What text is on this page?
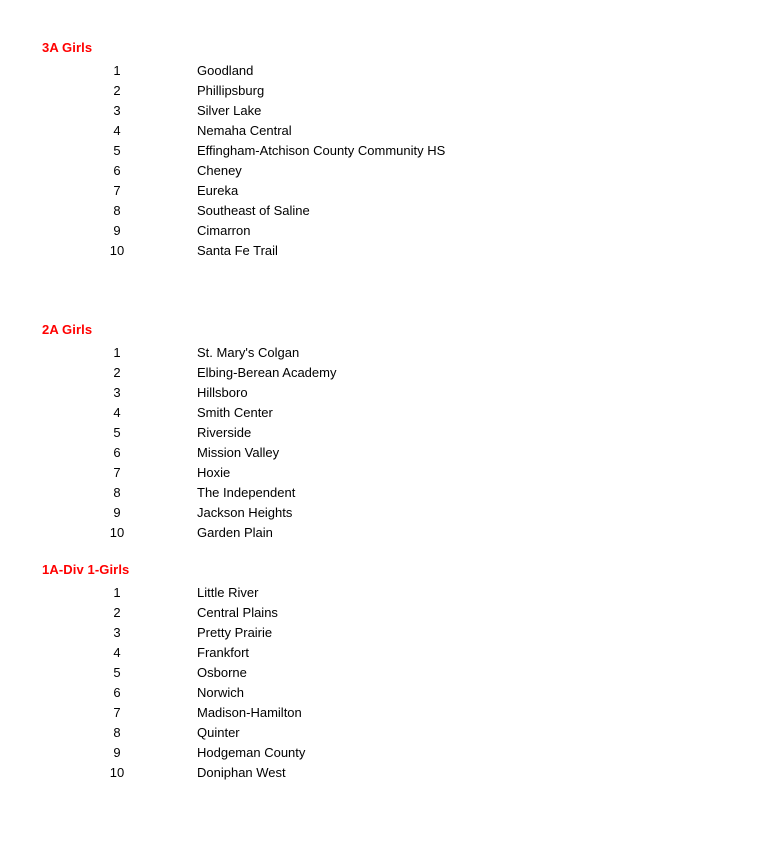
3A Girls
1	Goodland
2	Phillipsburg
3	Silver Lake
4	Nemaha Central
5	Effingham-Atchison County Community HS
6	Cheney
7	Eureka
8	Southeast of Saline
9	Cimarron
10	Santa Fe Trail
2A Girls
1	St. Mary's Colgan
2	Elbing-Berean Academy
3	Hillsboro
4	Smith Center
5	Riverside
6	Mission Valley
7	Hoxie
8	The Independent
9	Jackson Heights
10	Garden Plain
1A-Div 1-Girls
1	Little River
2	Central Plains
3	Pretty Prairie
4	Frankfort
5	Osborne
6	Norwich
7	Madison-Hamilton
8	Quinter
9	Hodgeman County
10	Doniphan West
